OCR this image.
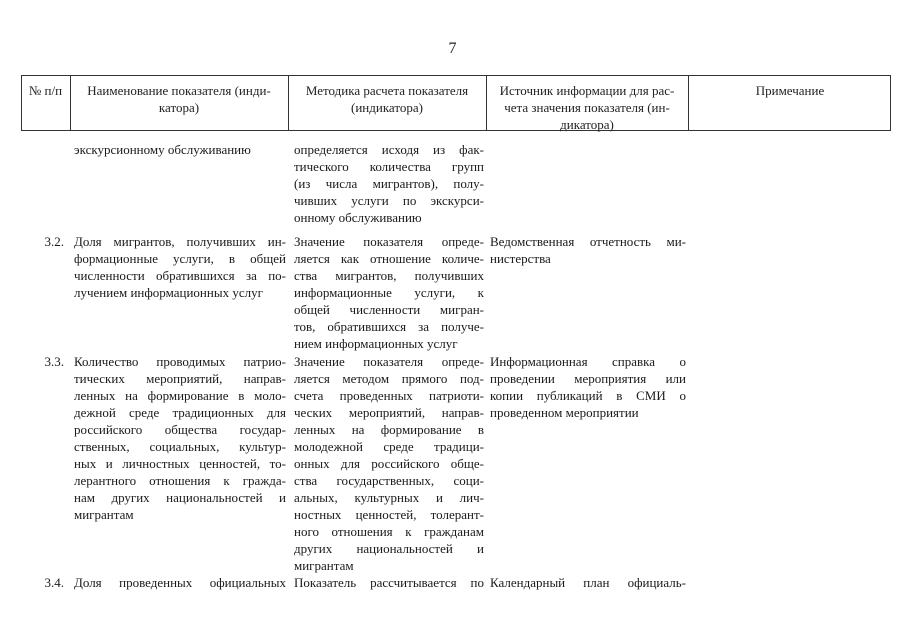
7
№ п/п	Наименование показателя (инди-
катора)
Методика расчета показателя
(индикатора)
Источник информации для рас-
чета значения показателя (ин-
дикатора)
Примечание
экскурсионному обслуживанию	определяется исходя из фак-
тического количества групп
(из числа мигрантов), полу-
чивших услуги по экскурси-
онному обслуживанию
3.2. Доля мигрантов, получивших ин-
формационные услуги, в общей
численности обратившихся за по-
лучением информационных услуг
Значение показателя опреде-
ляется как отношение количе-
ства мигрантов, получивших
информационные услуги, к
общей численности мигран-
тов, обратившихся за получе-
нием информационных услуг
Ведомственная отчетность ми-
нистерства
3.3. Количество проводимых патрио-
тических мероприятий, направ-
ленных на формирование в моло-
дежной среде традиционных для
российского общества государ-
ственных, социальных, культур-
ных и личностных ценностей, то-
лерантного отношения к гражда-
нам других национальностей и
мигрантам
Значение показателя опреде-
ляется методом прямого под-
счета проведенных патриоти-
ческих мероприятий, направ-
ленных на формирование в
молодежной среде традици-
онных для российского обще-
ства государственных, соци-
альных, культурных и лич-
ностных ценностей, толерант-
ного отношения к гражданам
других национальностей и
мигрантам
Информационная справка о
проведении мероприятия или
копии публикаций в СМИ о
проведенном мероприятии
3.4. Доля проведенных официальных Показатель рассчитывается по Календарный план официаль-
